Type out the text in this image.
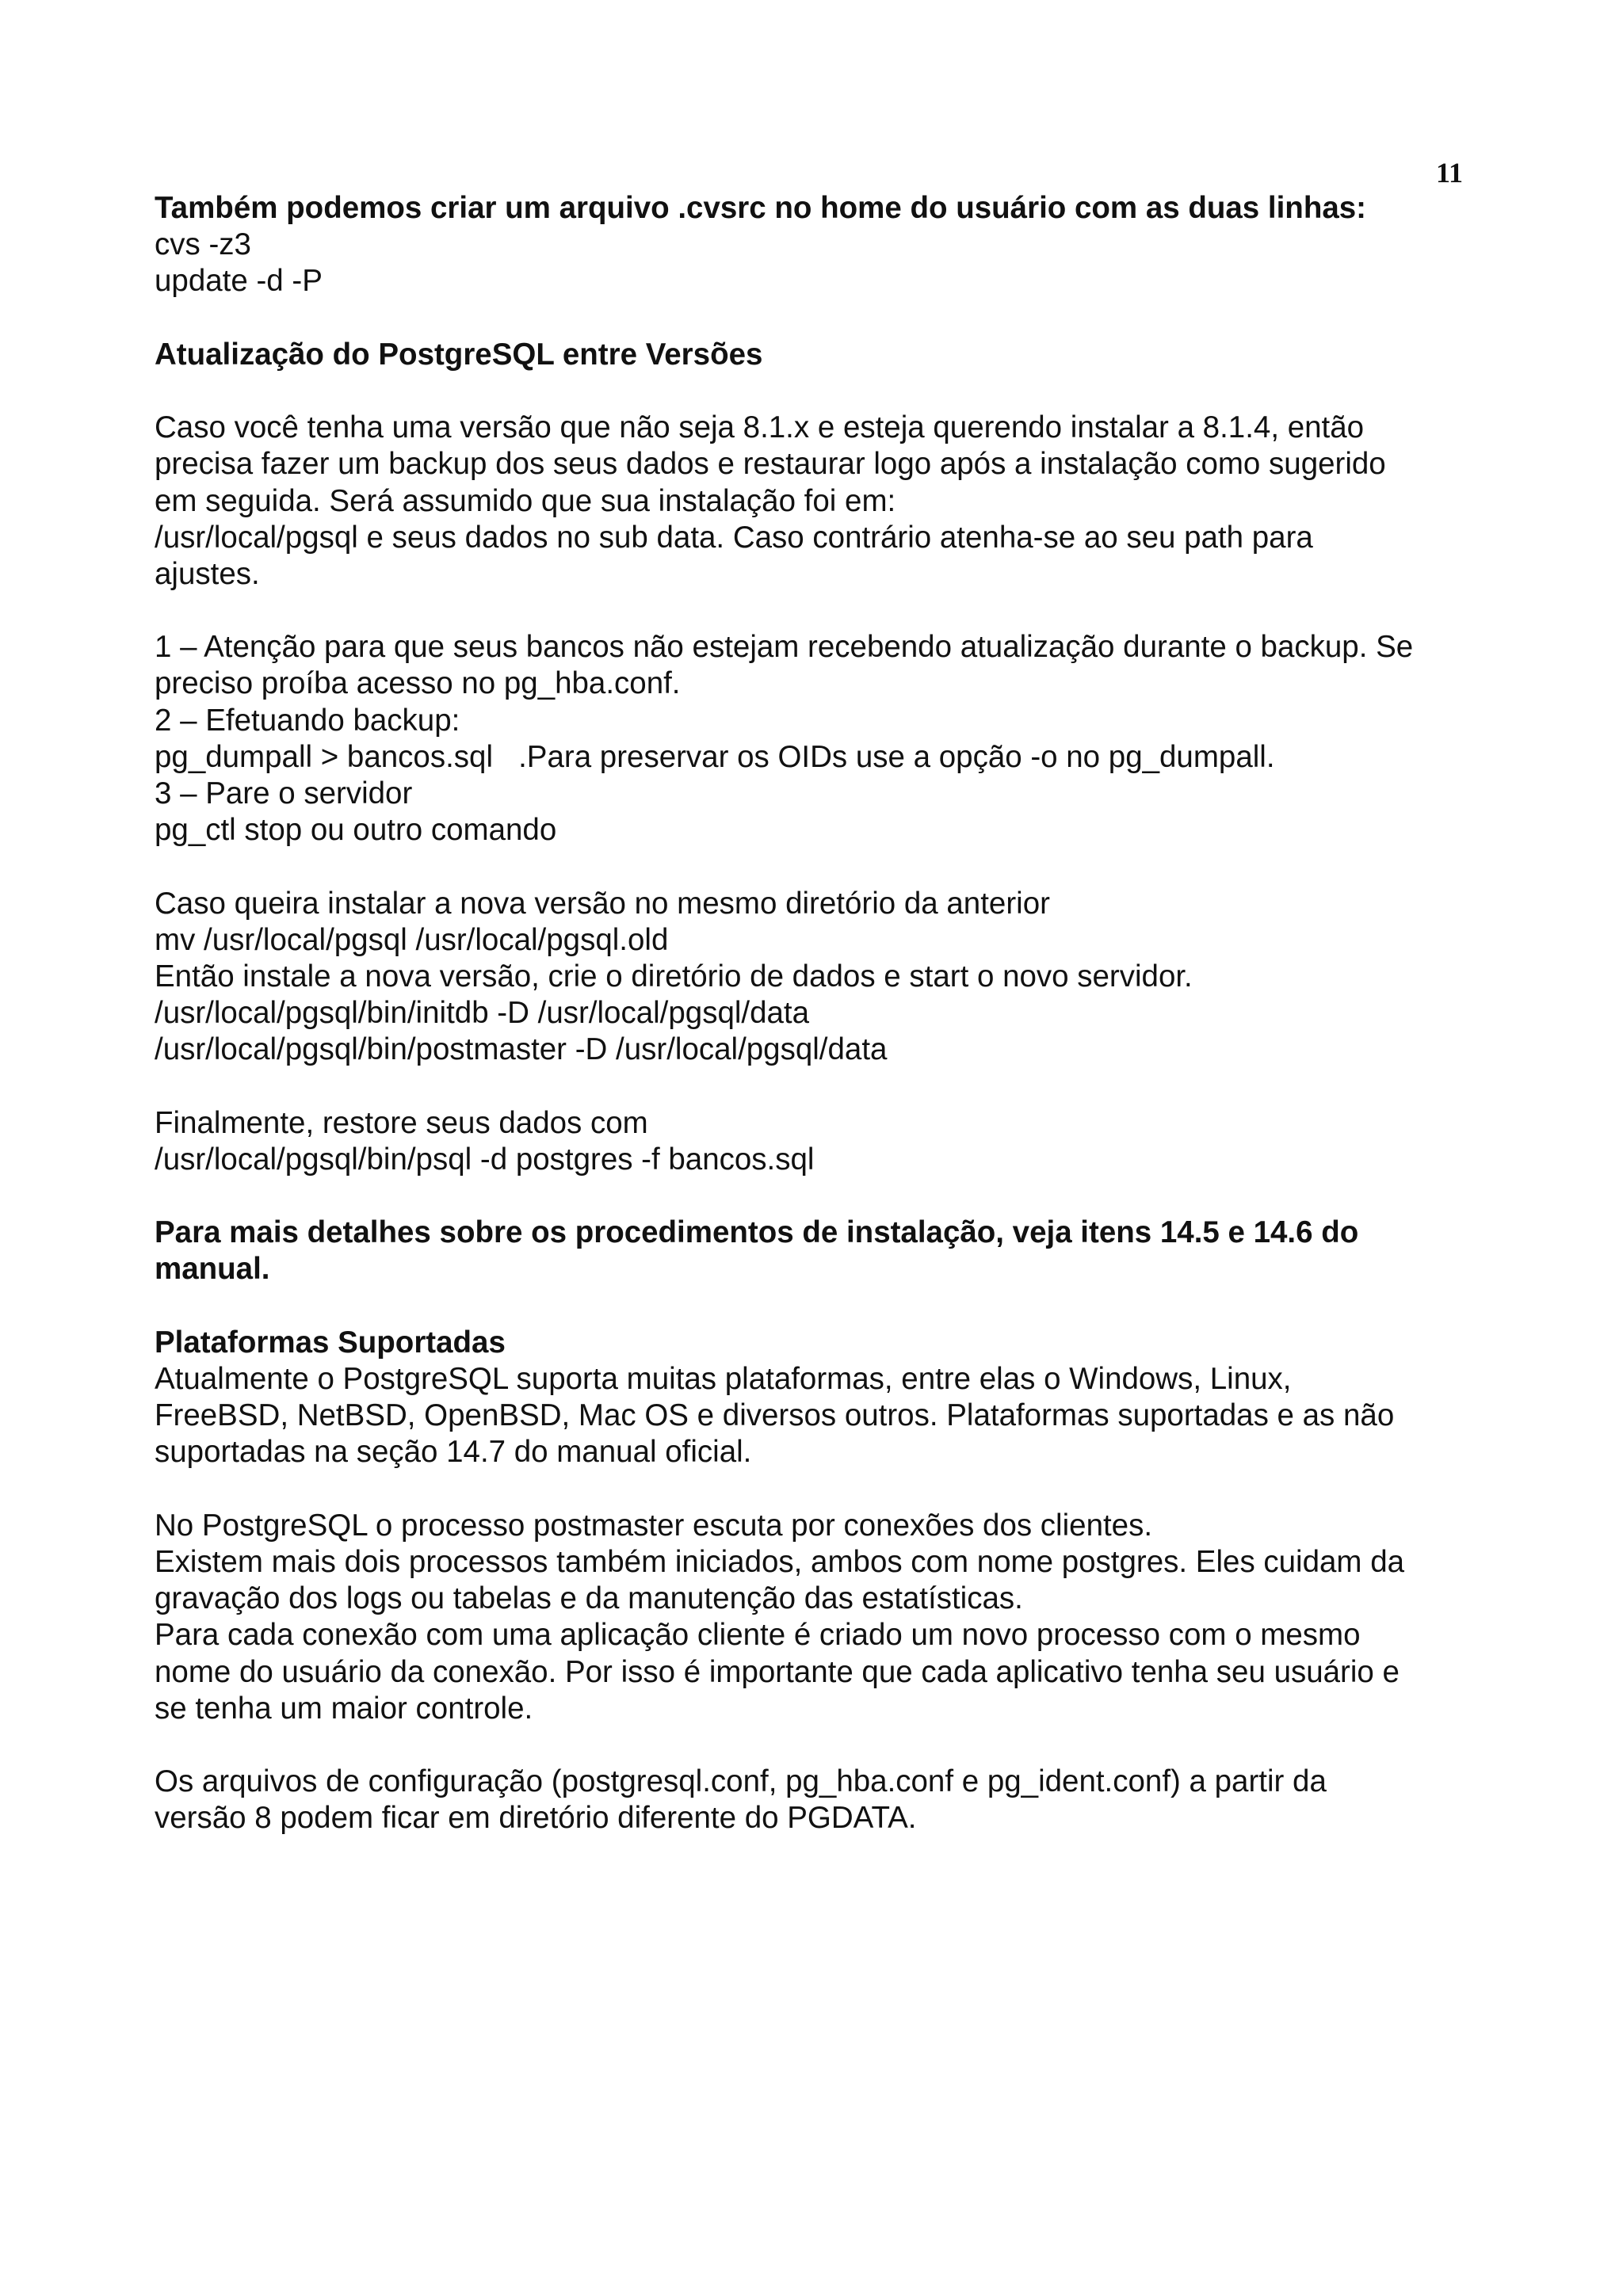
11
Também podemos criar um arquivo .cvsrc no home do usuário com as duas linhas:
cvs -z3
update -d -P
Atualização do PostgreSQL entre Versões
Caso você tenha uma versão que não seja 8.1.x e esteja querendo instalar a 8.1.4, então
precisa fazer um backup dos seus dados e restaurar logo após a instalação como sugerido
em seguida. Será assumido que sua instalação foi em:
/usr/local/pgsql e seus dados no sub data. Caso contrário atenha-se ao seu path para
ajustes.
1 – Atenção para que seus bancos não estejam recebendo atualização durante o backup. Se
preciso proíba acesso no pg_hba.conf.
2 – Efetuando backup:
pg_dumpall > bancos.sql   .Para preservar os OIDs use a opção -o no pg_dumpall.
3 – Pare o servidor
pg_ctl stop ou outro comando
Caso queira instalar a nova versão no mesmo diretório da anterior
mv /usr/local/pgsql /usr/local/pgsql.old
Então instale a nova versão, crie o diretório de dados e start o novo servidor.
/usr/local/pgsql/bin/initdb -D /usr/local/pgsql/data
/usr/local/pgsql/bin/postmaster -D /usr/local/pgsql/data
Finalmente, restore seus dados com
/usr/local/pgsql/bin/psql -d postgres -f bancos.sql
Para mais detalhes sobre os procedimentos de instalação, veja itens 14.5 e 14.6 do
manual.
Plataformas Suportadas
Atualmente o PostgreSQL suporta muitas plataformas, entre elas o Windows, Linux,
FreeBSD, NetBSD, OpenBSD, Mac OS e diversos outros. Plataformas suportadas e as não
suportadas na seção 14.7 do manual oficial.
No PostgreSQL o processo postmaster escuta por conexões dos clientes.
Existem mais dois processos também iniciados, ambos com nome postgres. Eles cuidam da
gravação dos logs ou tabelas e da manutenção das estatísticas.
Para cada conexão com uma aplicação cliente é criado um novo processo com o mesmo
nome do usuário da conexão. Por isso é importante que cada aplicativo tenha seu usuário e
se tenha um maior controle.
Os arquivos de configuração (postgresql.conf, pg_hba.conf e pg_ident.conf) a partir da
versão 8 podem ficar em diretório diferente do PGDATA.
